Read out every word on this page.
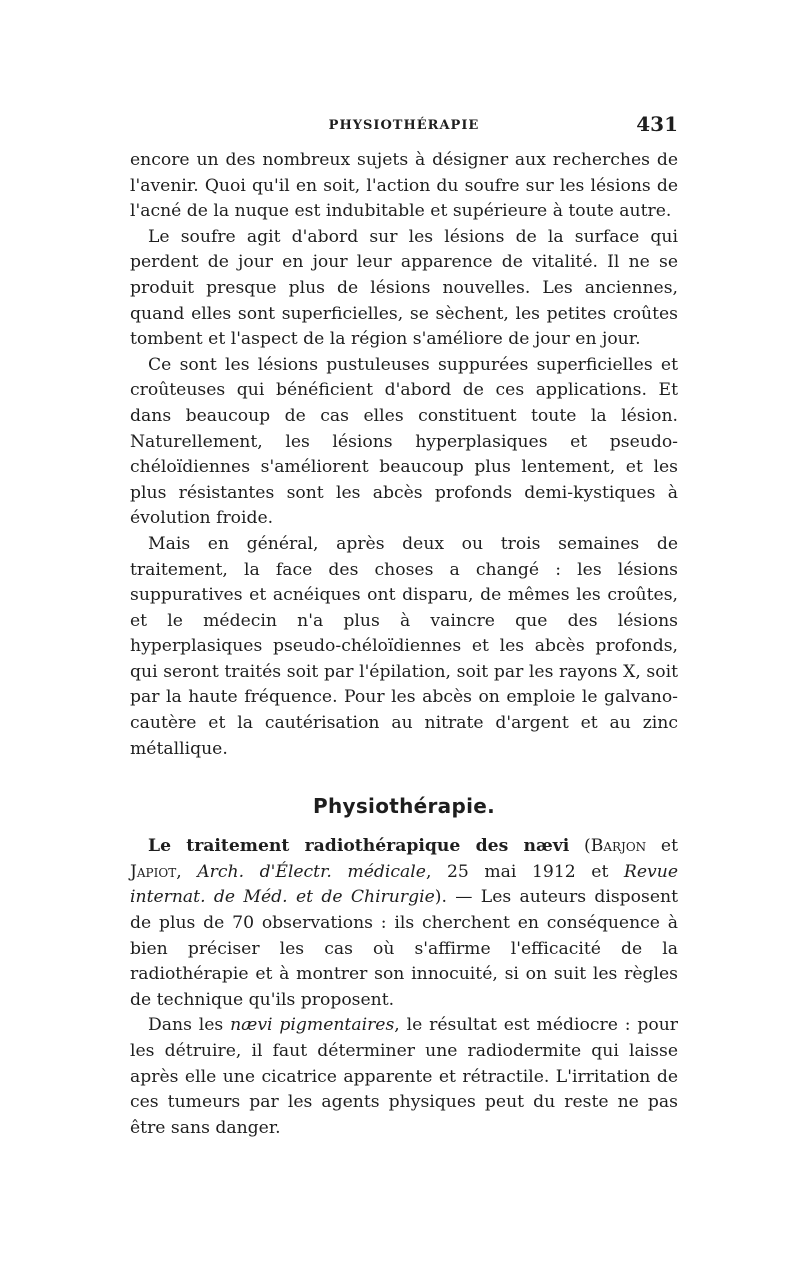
PHYSIOTHÉRAPIE	431

encore un des nombreux sujets à désigner aux recherches de l'avenir. Quoi qu'il en soit, l'action du soufre sur les lésions de l'acné de la nuque est indubitable et supérieure à toute autre.

Le soufre agit d'abord sur les lésions de la surface qui perdent de jour en jour leur apparence de vitalité. Il ne se produit presque plus de lésions nouvelles. Les anciennes, quand elles sont superficielles, se sèchent, les petites croûtes tombent et l'aspect de la région s'améliore de jour en jour.

Ce sont les lésions pustuleuses suppurées superficielles et croûteuses qui bénéficient d'abord de ces applications. Et dans beaucoup de cas elles constituent toute la lésion. Naturellement, les lésions hyperplasiques et pseudo-chéloïdiennes s'améliorent beaucoup plus lentement, et les plus résistantes sont les abcès profonds demi-kystiques à évolution froide.

Mais en général, après deux ou trois semaines de traitement, la face des choses a changé : les lésions suppuratives et acnéiques ont disparu, de mêmes les croûtes, et le médecin n'a plus à vaincre que des lésions hyperplasiques pseudo-chéloïdiennes et les abcès profonds, qui seront traités soit par l'épilation, soit par les rayons X, soit par la haute fréquence. Pour les abcès on emploie le galvano-cautère et la cautérisation au nitrate d'argent et au zinc métallique.

Physiothérapie.

Le traitement radiothérapique des nævi (Barjon et Japiot, Arch. d'Électr. médicale, 25 mai 1912 et Revue internat. de Méd. et de Chirurgie). — Les auteurs disposent de plus de 70 observations : ils cherchent en conséquence à bien préciser les cas où s'affirme l'efficacité de la radiothérapie et à montrer son innocuité, si on suit les règles de technique qu'ils proposent.

Dans les nævi pigmentaires, le résultat est médiocre : pour les détruire, il faut déterminer une radiodermite qui laisse après elle une cicatrice apparente et rétractile. L'irritation de ces tumeurs par les agents physiques peut du reste ne pas être sans danger.
